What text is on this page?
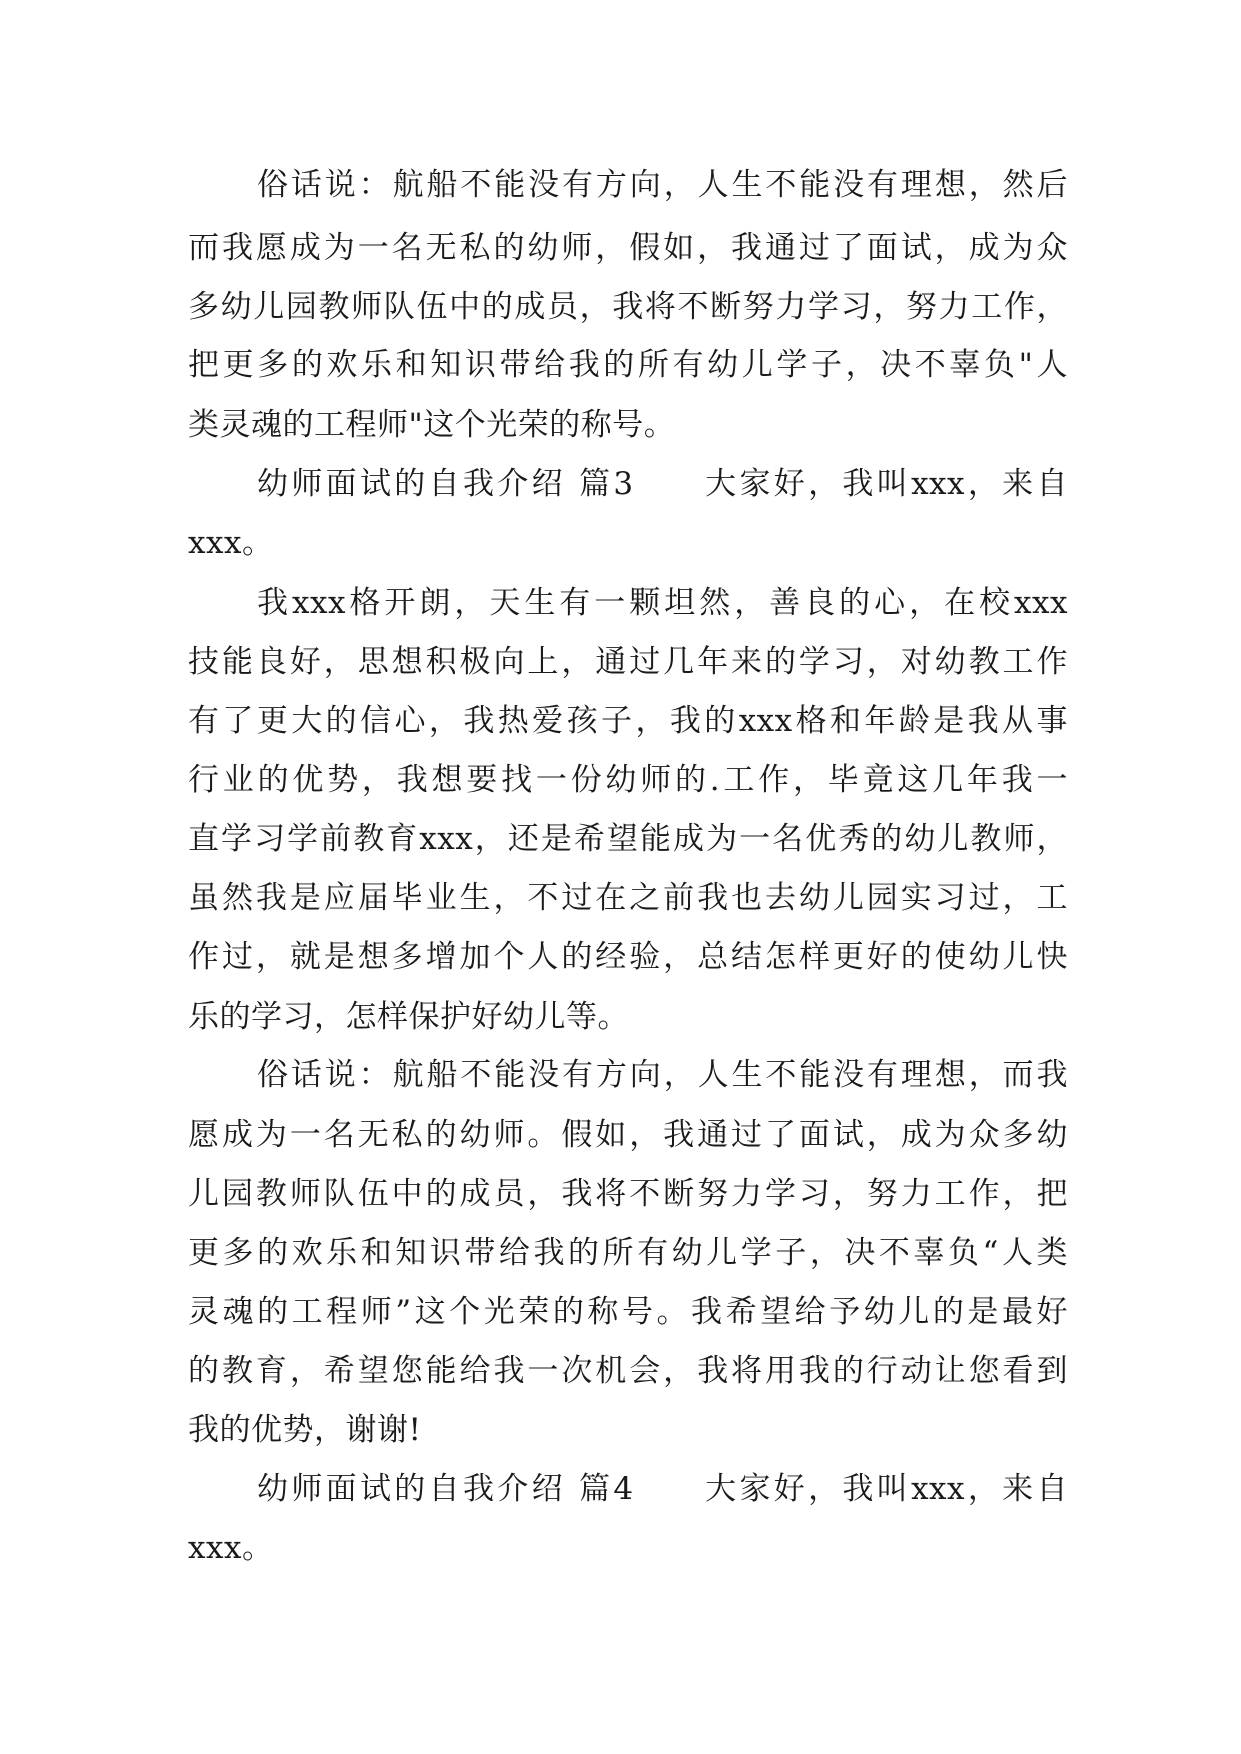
俗话说：航船不能没有方向，人生不能没有理想，然后
而我愿成为一名无私的幼师，假如，我通过了面试，成为众
多幼儿园教师队伍中的成员，我将不断努力学习，努力工作，
把更多的欢乐和知识带给我的所有幼儿学子，决不辜负"人
类灵魂的工程师"这个光荣的称号。
幼师面试的自我介绍 篇3　　大家好，我叫xxx，来自
xxx。
我xxx格开朗，天生有一颗坦然，善良的心，在校xxx
技能良好，思想积极向上，通过几年来的学习，对幼教工作
有了更大的信心，我热爱孩子，我的xxx格和年龄是我从事
行业的优势，我想要找一份幼师的.工作，毕竟这几年我一
直学习学前教育xxx，还是希望能成为一名优秀的幼儿教师，
虽然我是应届毕业生，不过在之前我也去幼儿园实习过，工
作过，就是想多增加个人的经验，总结怎样更好的使幼儿快
乐的学习，怎样保护好幼儿等。
俗话说：航船不能没有方向，人生不能没有理想，而我
愿成为一名无私的幼师。假如，我通过了面试，成为众多幼
儿园教师队伍中的成员，我将不断努力学习，努力工作，把
更多的欢乐和知识带给我的所有幼儿学子，决不辜负“人类
灵魂的工程师”这个光荣的称号。我希望给予幼儿的是最好
的教育，希望您能给我一次机会，我将用我的行动让您看到
我的优势，谢谢!
幼师面试的自我介绍 篇4　　大家好，我叫xxx，来自
xxx。
